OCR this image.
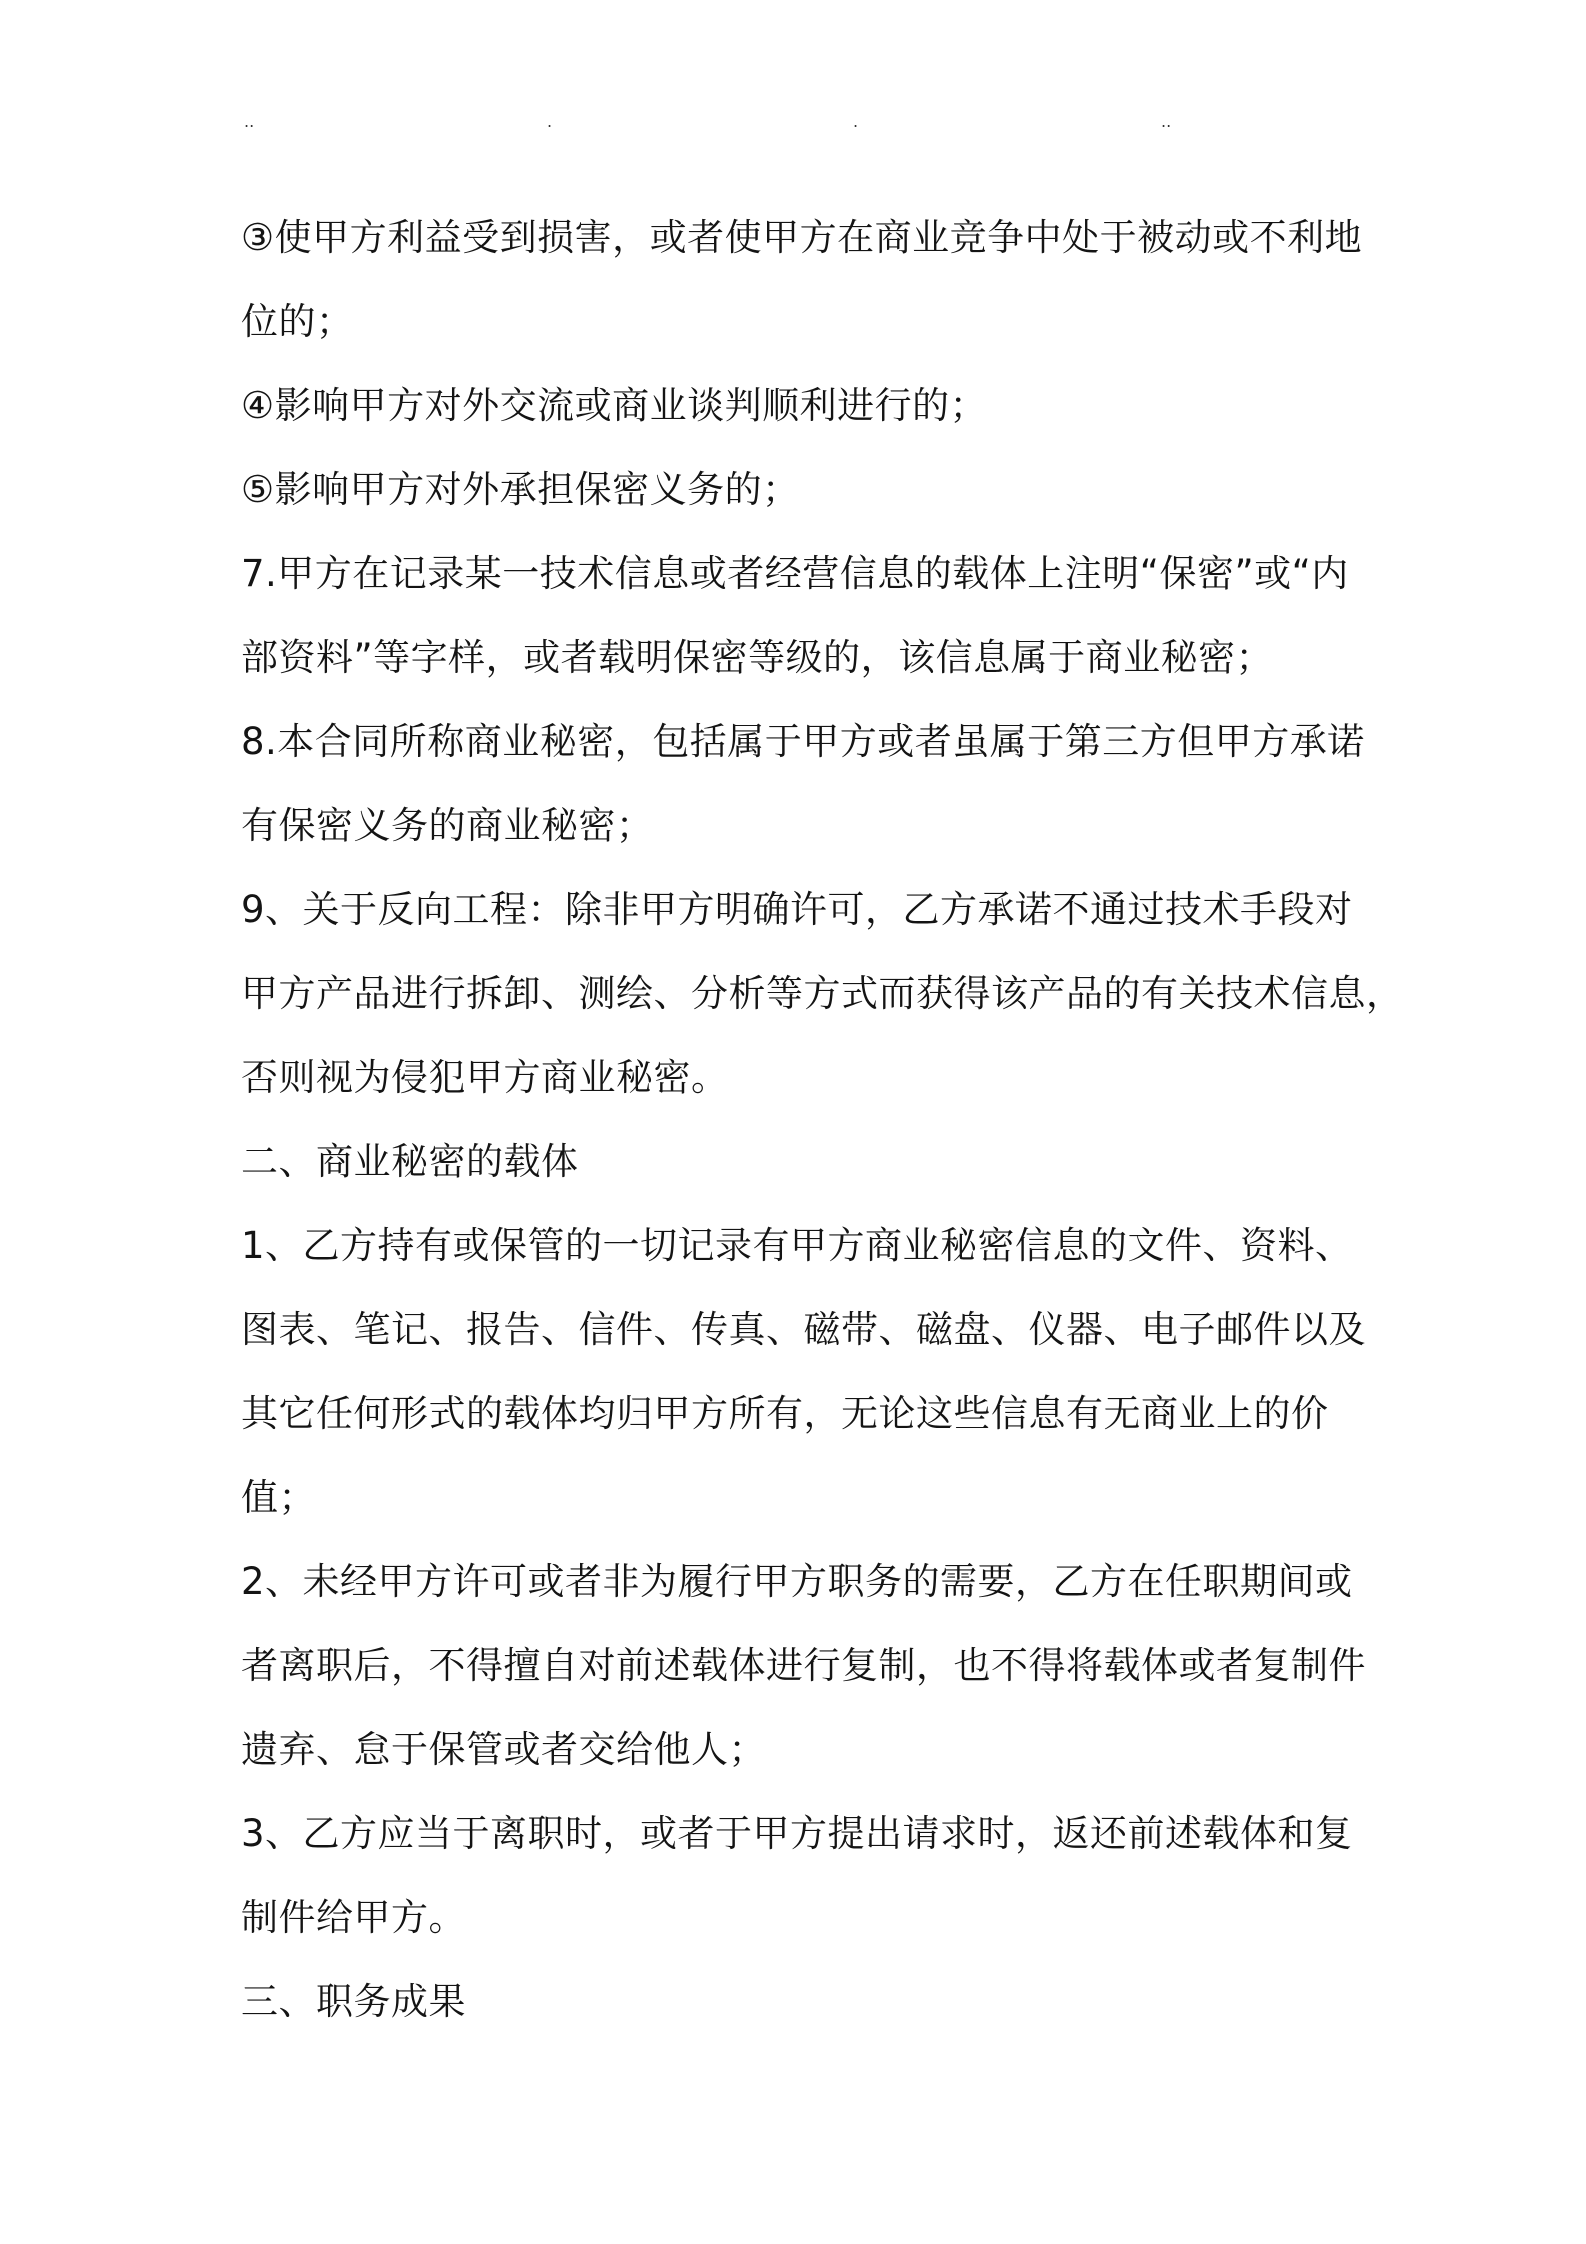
..	.	.	..
③使甲方利益受到损害，或者使甲方在商业竞争中处于被动或不利地
位的；
④影响甲方对外交流或商业谈判顺利进行的；
⑤影响甲方对外承担保密义务的；
7.甲方在记录某一技术信息或者经营信息的载体上注明“保密”或“内
部资料”等字样，或者载明保密等级的，该信息属于商业秘密；
8.本合同所称商业秘密，包括属于甲方或者虽属于第三方但甲方承诺
有保密义务的商业秘密；
9、关于反向工程：除非甲方明确许可，乙方承诺不通过技术手段对
甲方产品进行拆卸、测绘、分析等方式而获得该产品的有关技术信息，
否则视为侵犯甲方商业秘密。
二、商业秘密的载体
1、乙方持有或保管的一切记录有甲方商业秘密信息的文件、资料、
图表、笔记、报告、信件、传真、磁带、磁盘、仪器、电子邮件以及
其它任何形式的载体均归甲方所有，无论这些信息有无商业上的价
值；
2、未经甲方许可或者非为履行甲方职务的需要，乙方在任职期间或
者离职后，不得擅自对前述载体进行复制，也不得将载体或者复制件
遗弃、怠于保管或者交给他人；
3、乙方应当于离职时，或者于甲方提出请求时，返还前述载体和复
制件给甲方。
三、职务成果
